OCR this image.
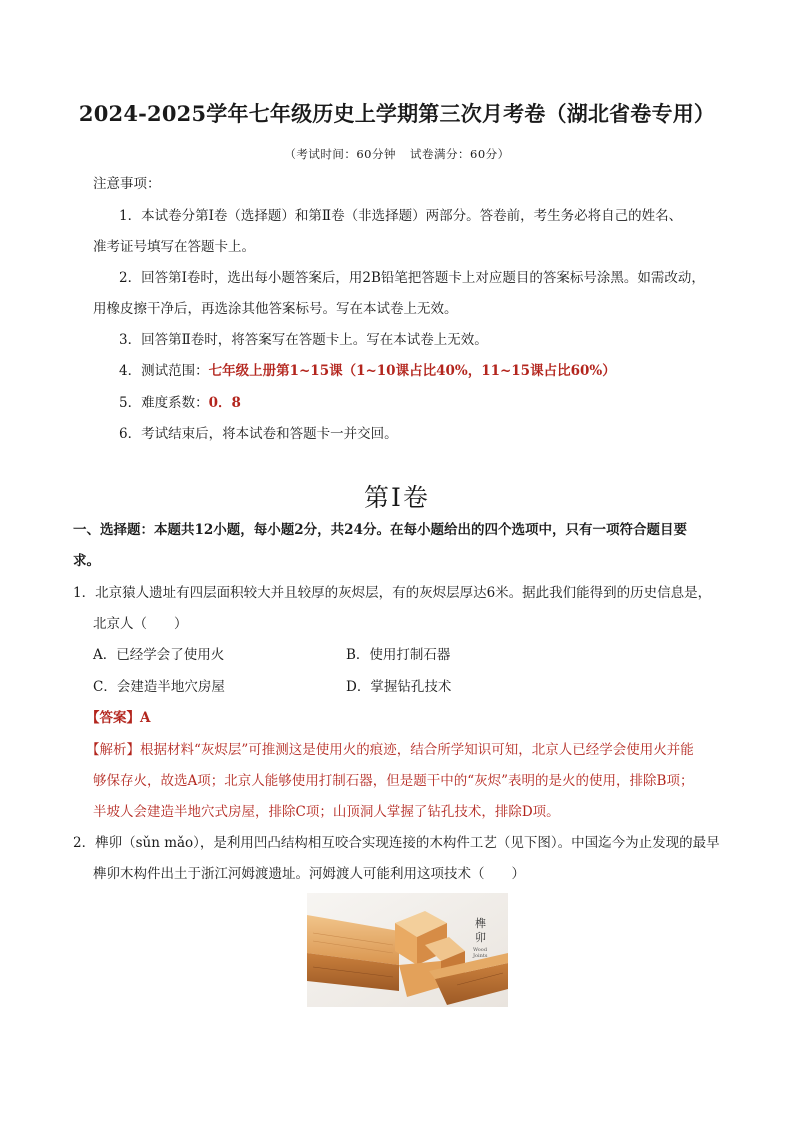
2024-2025学年七年级历史上学期第三次月考卷（湖北省卷专用）
（考试时间：60分钟 试卷满分：60分）
注意事项：
1．本试卷分第Ⅰ卷（选择题）和第Ⅱ卷（非选择题）两部分。答卷前，考生务必将自己的姓名、
准考证号填写在答题卡上。
2．回答第Ⅰ卷时，选出每小题答案后，用2B铅笔把答题卡上对应题目的答案标号涂黑。如需改动，
用橡皮擦干净后，再选涂其他答案标号。写在本试卷上无效。
3．回答第Ⅱ卷时，将答案写在答题卡上。写在本试卷上无效。
4．测试范围：七年级上册第1~15课（1~10课占比40%，11~15课占比60%）
5．难度系数：0．8
6．考试结束后，将本试卷和答题卡一并交回。
第Ⅰ卷
一、选择题：本题共12小题，每小题2分，共24分。在每小题给出的四个选项中，只有一项符合题目要
求。
1．北京猿人遗址有四层面积较大并且较厚的灰烬层，有的灰烬层厚达6米。据此我们能得到的历史信息是，
北京人（　　）
A．已经学会了使用火	B．使用打制石器
C．会建造半地穴房屋	D．掌握钻孔技术
【答案】A
【解析】根据材料“灰烬层”可推测这是使用火的痕迹，结合所学知识可知，北京人已经学会使用火并能
够保存火，故选A项；北京人能够使用打制石器，但是题干中的“灰烬”表明的是火的使用，排除B项；
半坡人会建造半地穴式房屋，排除C项；山顶洞人掌握了钻孔技术，排除D项。
2．榫卯（sǔn mǎo），是利用凹凸结构相互咬合实现连接的木构件工艺（见下图）。中国迄今为止发现的最早
榫卯木构件出土于浙江河姆渡遗址。河姆渡人可能利用这项技术（　　）
榫
卯
Wood
Joints
